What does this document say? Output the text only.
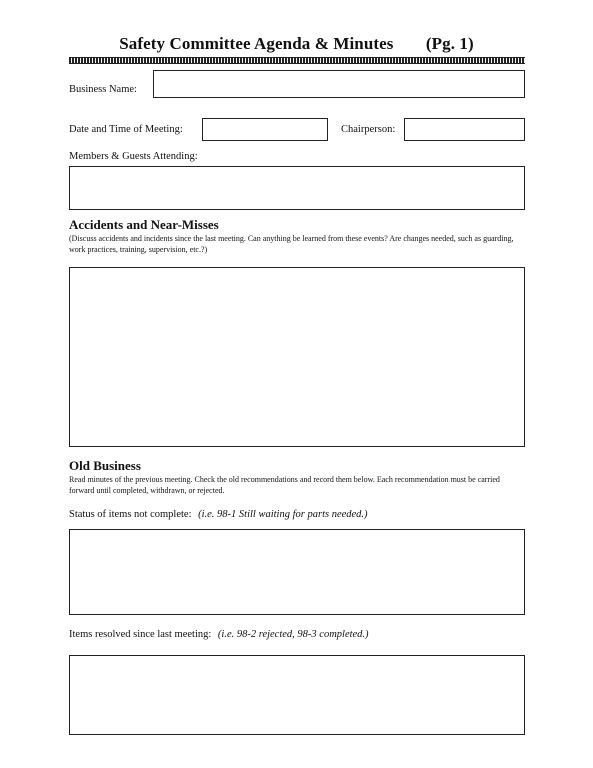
Safety Committee Agenda & Minutes (Pg. 1)
Business Name:
Date and Time of Meeting:	Chairperson:
Members & Guests Attending:
Accidents and Near-Misses
(Discuss accidents and incidents since the last meeting. Can anything be learned from these events? Are changes needed, such as guarding, work practices, training, supervision, etc.?)
Old Business
Read minutes of the previous meeting. Check the old recommendations and record them below. Each recommendation must be carried forward until completed, withdrawn, or rejected.
Status of items not complete: (i.e. 98-1 Still waiting for parts needed.)
Items resolved since last meeting: (i.e. 98-2 rejected, 98-3 completed.)
